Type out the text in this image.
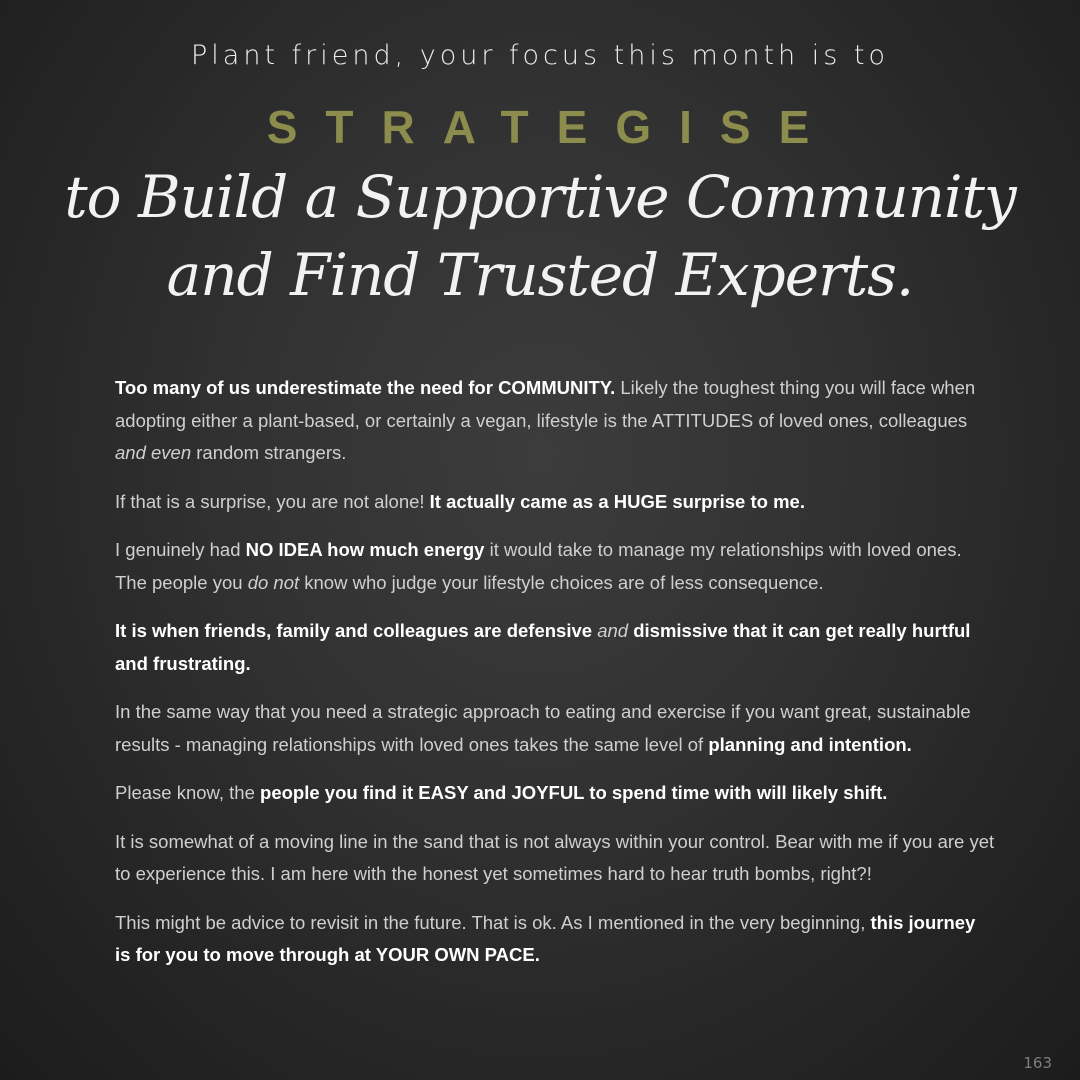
Plant friend, your focus this month is to
STRATEGISE
to Build a Supportive Community
and Find Trusted Experts.

Too many of us underestimate the need for COMMUNITY. Likely the toughest thing you will face when adopting either a plant-based, or certainly a vegan, lifestyle is the ATTITUDES of loved ones, colleagues and even random strangers.

If that is a surprise, you are not alone! It actually came as a HUGE surprise to me.

I genuinely had NO IDEA how much energy it would take to manage my relationships with loved ones. The people you do not know who judge your lifestyle choices are of less consequence.

It is when friends, family and colleagues are defensive and dismissive that it can get really hurtful and frustrating.

In the same way that you need a strategic approach to eating and exercise if you want great, sustainable results - managing relationships with loved ones takes the same level of planning and intention.

Please know, the people you find it EASY and JOYFUL to spend time with will likely shift.

It is somewhat of a moving line in the sand that is not always within your control. Bear with me if you are yet to experience this. I am here with the honest yet sometimes hard to hear truth bombs, right?!

This might be advice to revisit in the future. That is ok. As I mentioned in the very beginning, this journey is for you to move through at YOUR OWN PACE.

163
